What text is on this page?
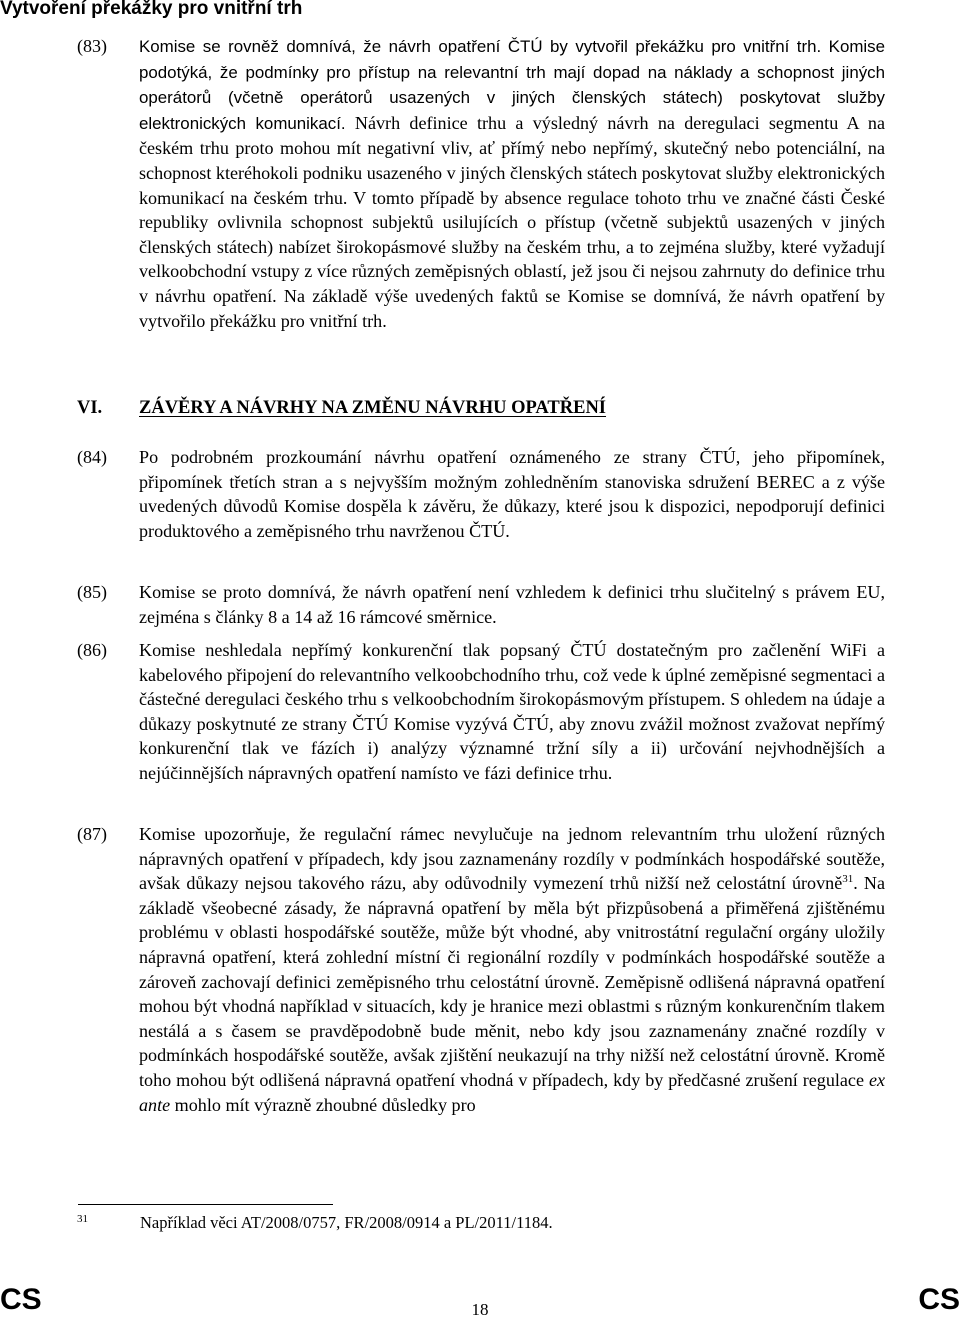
Vytvoření překážky pro vnitřní trh
(83) Komise se rovněž domnívá, že návrh opatření ČTÚ by vytvořil překážku pro vnitřní trh. Komise podotýká, že podmínky pro přístup na relevantní trh mají dopad na náklady a schopnost jiných operátorů (včetně operátorů usazených v jiných členských státech) poskytovat služby elektronických komunikací. Návrh definice trhu a výsledný návrh na deregulaci segmentu A na českém trhu proto mohou mít negativní vliv, ať přímý nebo nepřímý, skutečný nebo potenciální, na schopnost kteréhokoli podniku usazeného v jiných členských státech poskytovat služby elektronických komunikací na českém trhu. V tomto případě by absence regulace tohoto trhu ve značné části České republiky ovlivnila schopnost subjektů usilujících o přístup (včetně subjektů usazených v jiných členských státech) nabízet širokopásmové služby na českém trhu, a to zejména služby, které vyžadují velkoobchodní vstupy z více různých zeměpisných oblastí, jež jsou či nejsou zahrnuty do definice trhu v návrhu opatření. Na základě výše uvedených faktů se Komise se domnívá, že návrh opatření by vytvořilo překážku pro vnitřní trh.
VI. ZÁVĚRY A NÁVRHY NA ZMĚNU NÁVRHU OPATŘENÍ
(84) Po podrobném prozkoumání návrhu opatření oznámeného ze strany ČTÚ, jeho připomínek, připomínek třetích stran a s nejvyšším možným zohledněním stanoviska sdružení BEREC a z výše uvedených důvodů Komise dospěla k závěru, že důkazy, které jsou k dispozici, nepodporují definici produktového a zeměpisného trhu navrženou ČTÚ.
(85) Komise se proto domnívá, že návrh opatření není vzhledem k definici trhu slučitelný s právem EU, zejména s články 8 a 14 až 16 rámcové směrnice.
(86) Komise neshledala nepřímý konkurenční tlak popsaný ČTÚ dostatečným pro začlenění WiFi a kabelového připojení do relevantního velkoobchodního trhu, což vede k úplné zeměpisné segmentaci a částečné deregulaci českého trhu s velkoobchodním širokopásmovým přístupem. S ohledem na údaje a důkazy poskytnuté ze strany ČTÚ Komise vyzývá ČTÚ, aby znovu zvážil možnost zvažovat nepřímý konkurenční tlak ve fázích i) analýzy významné tržní síly a ii) určování nejvhodnějších a nejúčinnějších nápravných opatření namísto ve fázi definice trhu.
(87) Komise upozorňuje, že regulační rámec nevylučuje na jednom relevantním trhu uložení různých nápravných opatření v případech, kdy jsou zaznamenány rozdíly v podmínkách hospodářské soutěže, avšak důkazy nejsou takového rázu, aby odůvodnily vymezení trhů nižší než celostátní úrovně$^{31}$. Na základě všeobecné zásady, že nápravná opatření by měla být přizpůsobená a přiměřená zjištěnému problému v oblasti hospodářské soutěže, může být vhodné, aby vnitrostátní regulační orgány uložily nápravná opatření, která zohlední místní či regionální rozdíly v podmínkách hospodářské soutěže a zároveň zachovají definici zeměpisného trhu celostátní úrovně. Zeměpisně odlišená nápravná opatření mohou být vhodná například v situacích, kdy je hranice mezi oblastmi s různým konkurenčním tlakem nestálá a s časem se pravděpodobně bude měnit, nebo kdy jsou zaznamenány značné rozdíly v podmínkách hospodářské soutěže, avšak zjištění neukazují na trhy nižší než celostátní úrovně. Kromě toho mohou být odlišená nápravná opatření vhodná v případech, kdy by předčasné zrušení regulace ex ante mohlo mít výrazně zhoubné důsledky pro
31	Například věci AT/2008/0757, FR/2008/0914 a PL/2011/1184.
CS	18	CS
